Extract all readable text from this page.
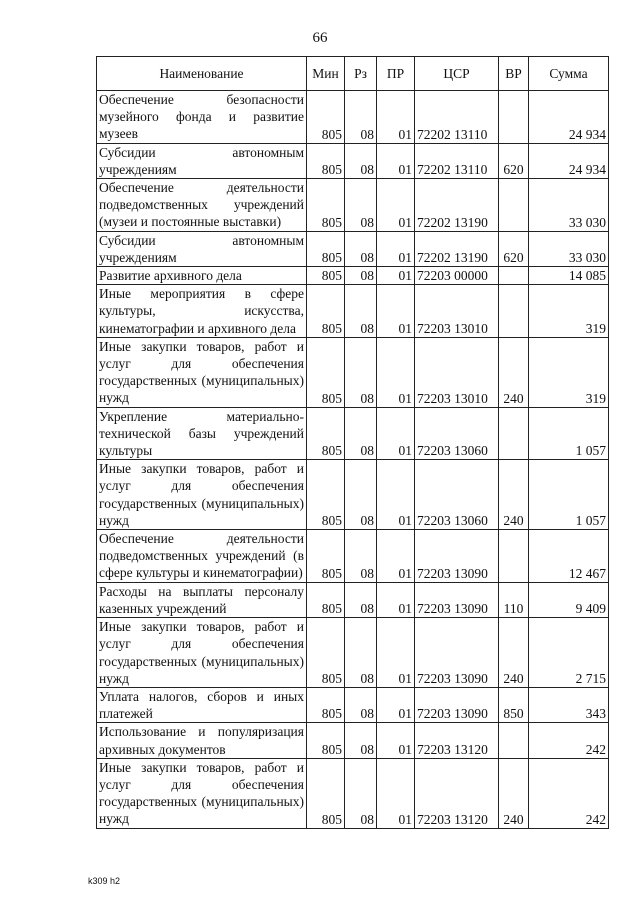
66
Наименование	Мин	Рз	ПР	ЦСР	ВР	Сумма
Обеспечение безопасности музейного фонда и развитие музеев	805	08	01	72202 13110		24 934
Субсидии автономным учреждениям	805	08	01	72202 13110	620	24 934
Обеспечение деятельности подведомственных учреждений (музеи и постоянные выставки)	805	08	01	72202 13190		33 030
Субсидии автономным учреждениям	805	08	01	72202 13190	620	33 030
Развитие архивного дела	805	08	01	72203 00000		14 085
Иные мероприятия в сфере культуры, искусства, кинематографии и архивного дела	805	08	01	72203 13010		319
Иные закупки товаров, работ и услуг для обеспечения государственных (муниципальных) нужд	805	08	01	72203 13010	240	319
Укрепление материально-технической базы учреждений культуры	805	08	01	72203 13060		1 057
Иные закупки товаров, работ и услуг для обеспечения государственных (муниципальных) нужд	805	08	01	72203 13060	240	1 057
Обеспечение деятельности подведомственных учреждений (в сфере культуры и кинематографии)	805	08	01	72203 13090		12 467
Расходы на выплаты персоналу казенных учреждений	805	08	01	72203 13090	110	9 409
Иные закупки товаров, работ и услуг для обеспечения государственных (муниципальных) нужд	805	08	01	72203 13090	240	2 715
Уплата налогов, сборов и иных платежей	805	08	01	72203 13090	850	343
Использование и популяризация архивных документов	805	08	01	72203 13120		242
Иные закупки товаров, работ и услуг для обеспечения государственных (муниципальных) нужд	805	08	01	72203 13120	240	242
k309 h2
